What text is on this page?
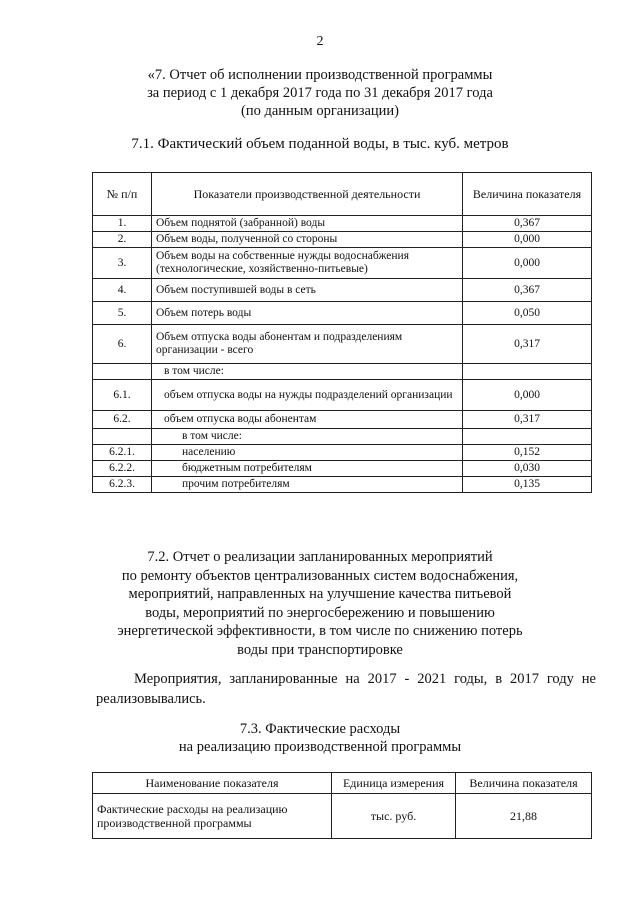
2
«7. Отчет об исполнении производственной программы
за период с 1 декабря 2017 года по 31 декабря 2017 года
(по данным организации)
7.1. Фактический объем поданной воды, в тыс. куб. метров
№ п/п	Показатели производственной деятельности	Величина показателя
1.	Объем поднятой (забранной) воды	0,367
2.	Объем воды, полученной со стороны	0,000
3.	Объем воды на собственные нужды водоснабжения (технологические, хозяйственно-питьевые)	0,000
4.	Объем поступившей воды в сеть	0,367
5.	Объем потерь воды	0,050
6.	Объем отпуска воды абонентам и подразделениям организации - всего	0,317
	в том числе:	
6.1.	объем отпуска воды на нужды подразделений организации	0,000
6.2.	объем отпуска воды абонентам	0,317
	в том числе:	
6.2.1.	населению	0,152
6.2.2.	бюджетным потребителям	0,030
6.2.3.	прочим потребителям	0,135
7.2. Отчет о реализации запланированных мероприятий
по ремонту объектов централизованных систем водоснабжения,
мероприятий, направленных на улучшение качества питьевой
воды, мероприятий по энергосбережению и повышению
энергетической эффективности, в том числе по снижению потерь
воды при транспортировке
Мероприятия, запланированные на 2017 - 2021 годы, в 2017 году не реализовывались.
7.3. Фактические расходы
на реализацию производственной программы
Наименование показателя	Единица измерения	Величина показателя
Фактические расходы на реализацию производственной программы	тыс. руб.	21,88
